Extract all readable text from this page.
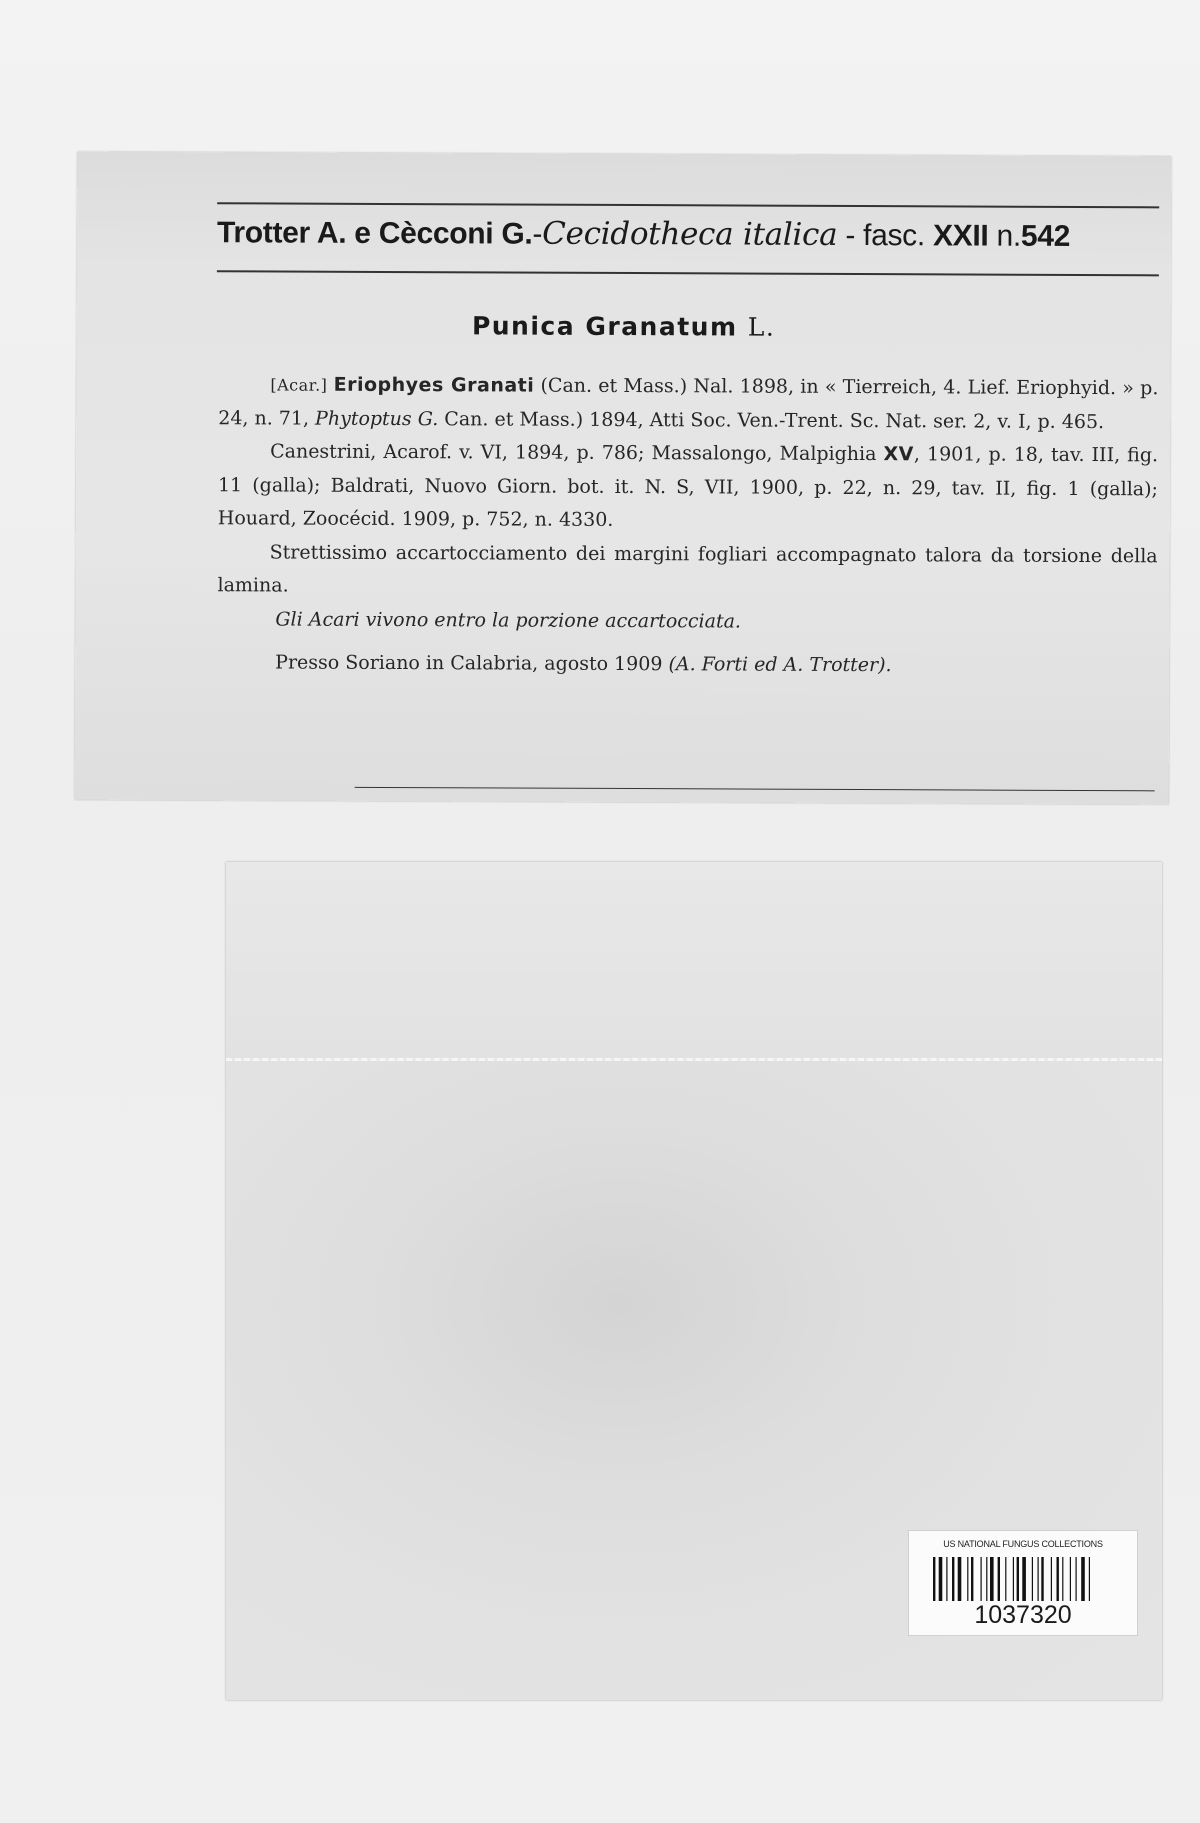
Trotter A. e Cècconi G.-Cecidotheca italica - fasc. XXII n.542
Punica Granatum L.

[Acar.] Eriophyes Granati (Can. et Mass.) Nal. 1898, in « Tierreich, 4. Lief. Eriophyid. » p. 24, n. 71, Phytoptus G. Can. et Mass.) 1894, Atti Soc. Ven.-Trent. Sc. Nat. ser. 2, v. I, p. 465.

Canestrini, Acarof. v. VI, 1894, p. 786; Massalongo, Malpighia XV, 1901, p. 18, tav. III, fig. 11 (galla); Baldrati, Nuovo Giorn. bot. it. N. S, VII, 1900, p. 22, n. 29, tav. II, fig. 1 (galla); Houard, Zoocécid. 1909, p. 752, n. 4330.

Strettissimo accartocciamento dei margini fogliari accompagnato talora da torsione della lamina.

Gli Acari vivono entro la porzione accartocciata.

Presso Soriano in Calabria, agosto 1909 (A. Forti ed A. Trotter).

US NATIONAL FUNGUS COLLECTIONS
1037320
